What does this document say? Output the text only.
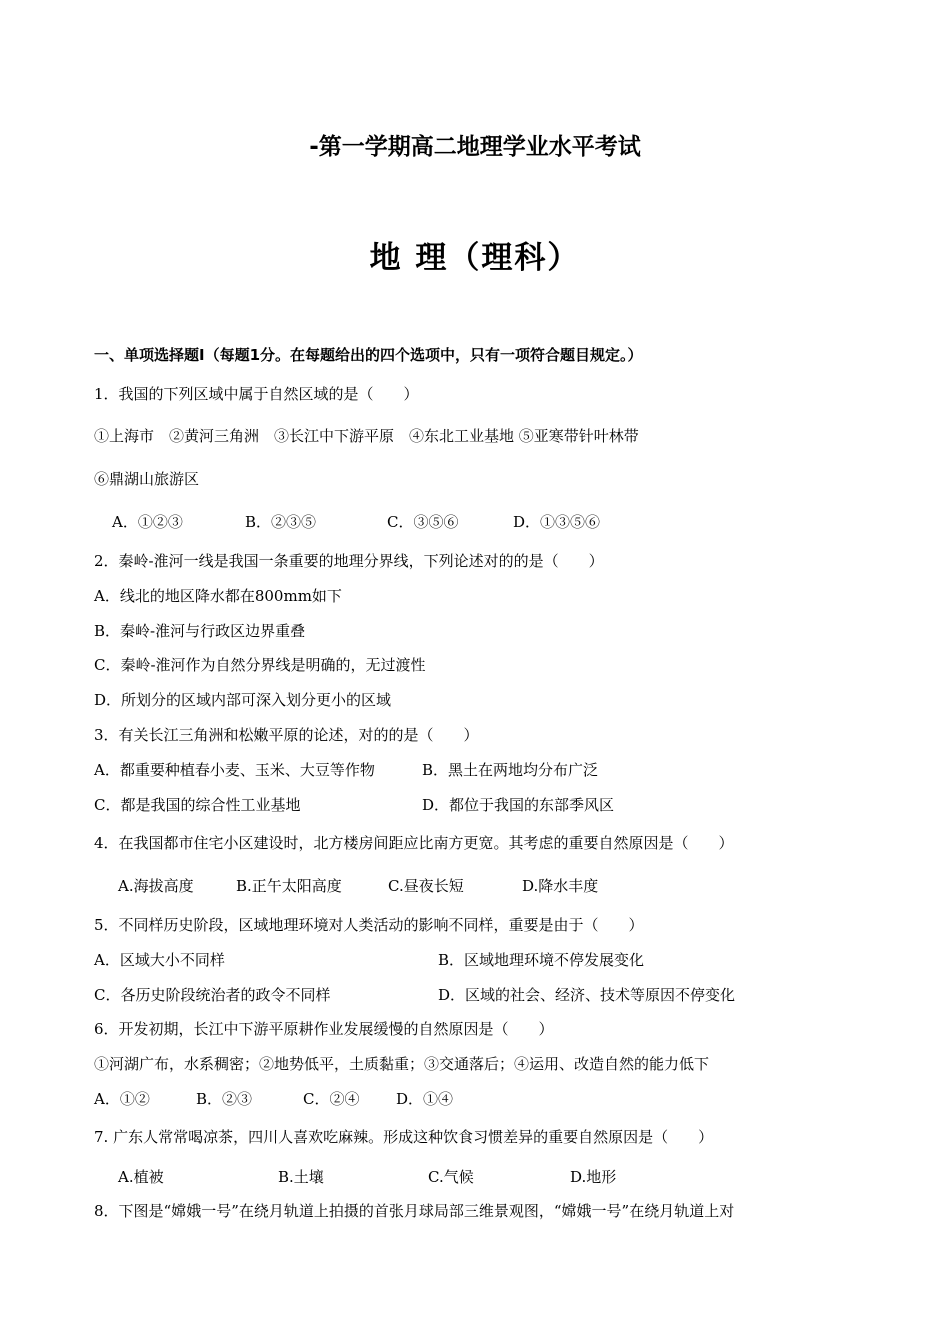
-第一学期高二地理学业水平考试
地 理（理科）
一、单项选择题Ⅰ（每题1分。在每题给出的四个选项中，只有一项符合题目规定。）
1．我国的下列区域中属于自然区域的是（　　）
①上海市　②黄河三角洲　③长江中下游平原　④东北工业基地 ⑤亚寒带针叶林带
⑥鼎湖山旅游区
A．①②③	B．②③⑤	C．③⑤⑥	D．①③⑤⑥
2．秦岭-淮河一线是我国一条重要的地理分界线，下列论述对的的是（　　）
A．线北的地区降水都在800mm如下
B．秦岭-淮河与行政区边界重叠
C．秦岭-淮河作为自然分界线是明确的，无过渡性
D．所划分的区域内部可深入划分更小的区域
3．有关长江三角洲和松嫩平原的论述，对的的是（　　）
A．都重要种植春小麦、玉米、大豆等作物	B．黑土在两地均分布广泛
C．都是我国的综合性工业基地	D．都位于我国的东部季风区
4．在我国都市住宅小区建设时，北方楼房间距应比南方更宽。其考虑的重要自然原因是（　　）
A.海拔高度	B.正午太阳高度	C.昼夜长短	D.降水丰度
5．不同样历史阶段，区域地理环境对人类活动的影响不同样，重要是由于（　　）
A．区域大小不同样	B．区域地理环境不停发展变化
C．各历史阶段统治者的政令不同样	D．区域的社会、经济、技术等原因不停变化
6．开发初期，长江中下游平原耕作业发展缓慢的自然原因是（　　）
①河湖广布，水系稠密；②地势低平，土质黏重；③交通落后；④运用、改造自然的能力低下
A．①②	B．②③	C．②④ D．①④
7. 广东人常常喝凉茶，四川人喜欢吃麻辣。形成这种饮食习惯差异的重要自然原因是（　　）
A.植被	B.土壤	C.气候	D.地形
8．下图是“嫦娥一号”在绕月轨道上拍摄的首张月球局部三维景观图，“嫦娥一号”在绕月轨道上对
